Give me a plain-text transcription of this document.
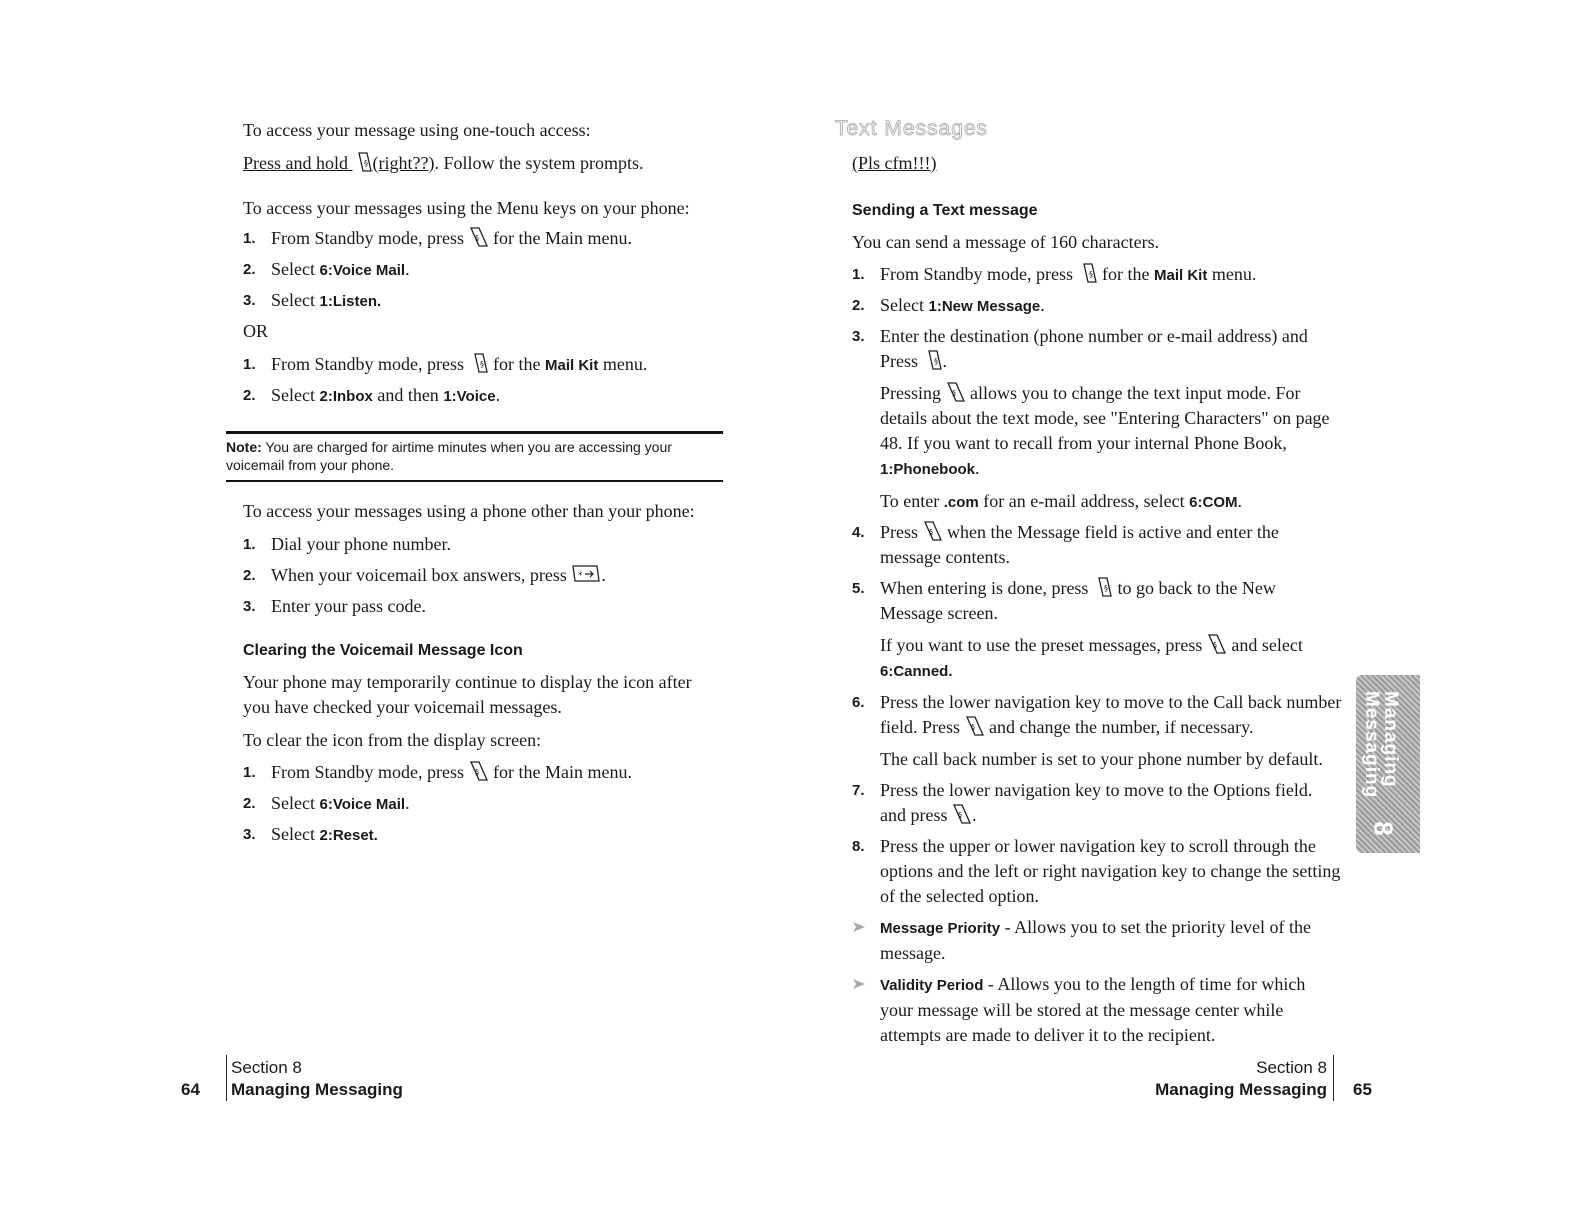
To access your message using one-touch access:

Press and hold (right??). Follow the system prompts.

To access your messages using the Menu keys on your phone:

1. From Standby mode, press  for the Main menu.
2. Select 6:Voice Mail.
3. Select 1:Listen.

OR

1. From Standby mode, press  for the Mail Kit menu.
2. Select 2:Inbox and then 1:Voice.
Note: You are charged for airtime minutes when you are accessing your voicemail from your phone.

To access your messages using a phone other than your phone:

1. Dial your phone number.
2. When your voicemail box answers, press .
3. Enter your pass code.
Clearing the Voicemail Message Icon

Your phone may temporarily continue to display the icon after you have checked your voicemail messages.

To clear the icon from the display screen:

1. From Standby mode, press  for the Main menu.
2. Select 6:Voice Mail.
3. Select 2:Reset.
Section 8
Managing Messaging
64
Text Messages
(Pls cfm!!!)
Sending a Text message

You can send a message of 160 characters.

1. From Standby mode, press  for the Mail Kit menu.
2. Select 1:New Message.
3. Enter the destination (phone number or e-mail address) and Press .
Pressing  allows you to change the text input mode. For details about the text mode, see "Entering Characters" on page 48. If you want to recall from your internal Phone Book, 1:Phonebook.
To enter .com for an e-mail address, select 6:COM.
4. Press  when the Message field is active and enter the message contents.
5. When entering is done, press  to go back to the New Message screen.
If you want to use the preset messages, press  and select 6:Canned.
6. Press the lower navigation key to move to the Call back number field. Press  and change the number, if necessary.
The call back number is set to your phone number by default.
7. Press the lower navigation key to move to the Options field. and press .
8. Press the upper or lower navigation key to scroll through the options and the left or right navigation key to change the setting of the selected option.
Message Priority - Allows you to set the priority level of the message.
Validity Period - Allows you to the length of time for which your message will be stored at the message center while attempts are made to deliver it to the recipient.
Managing Messaging
8
Section 8
Managing Messaging 65
